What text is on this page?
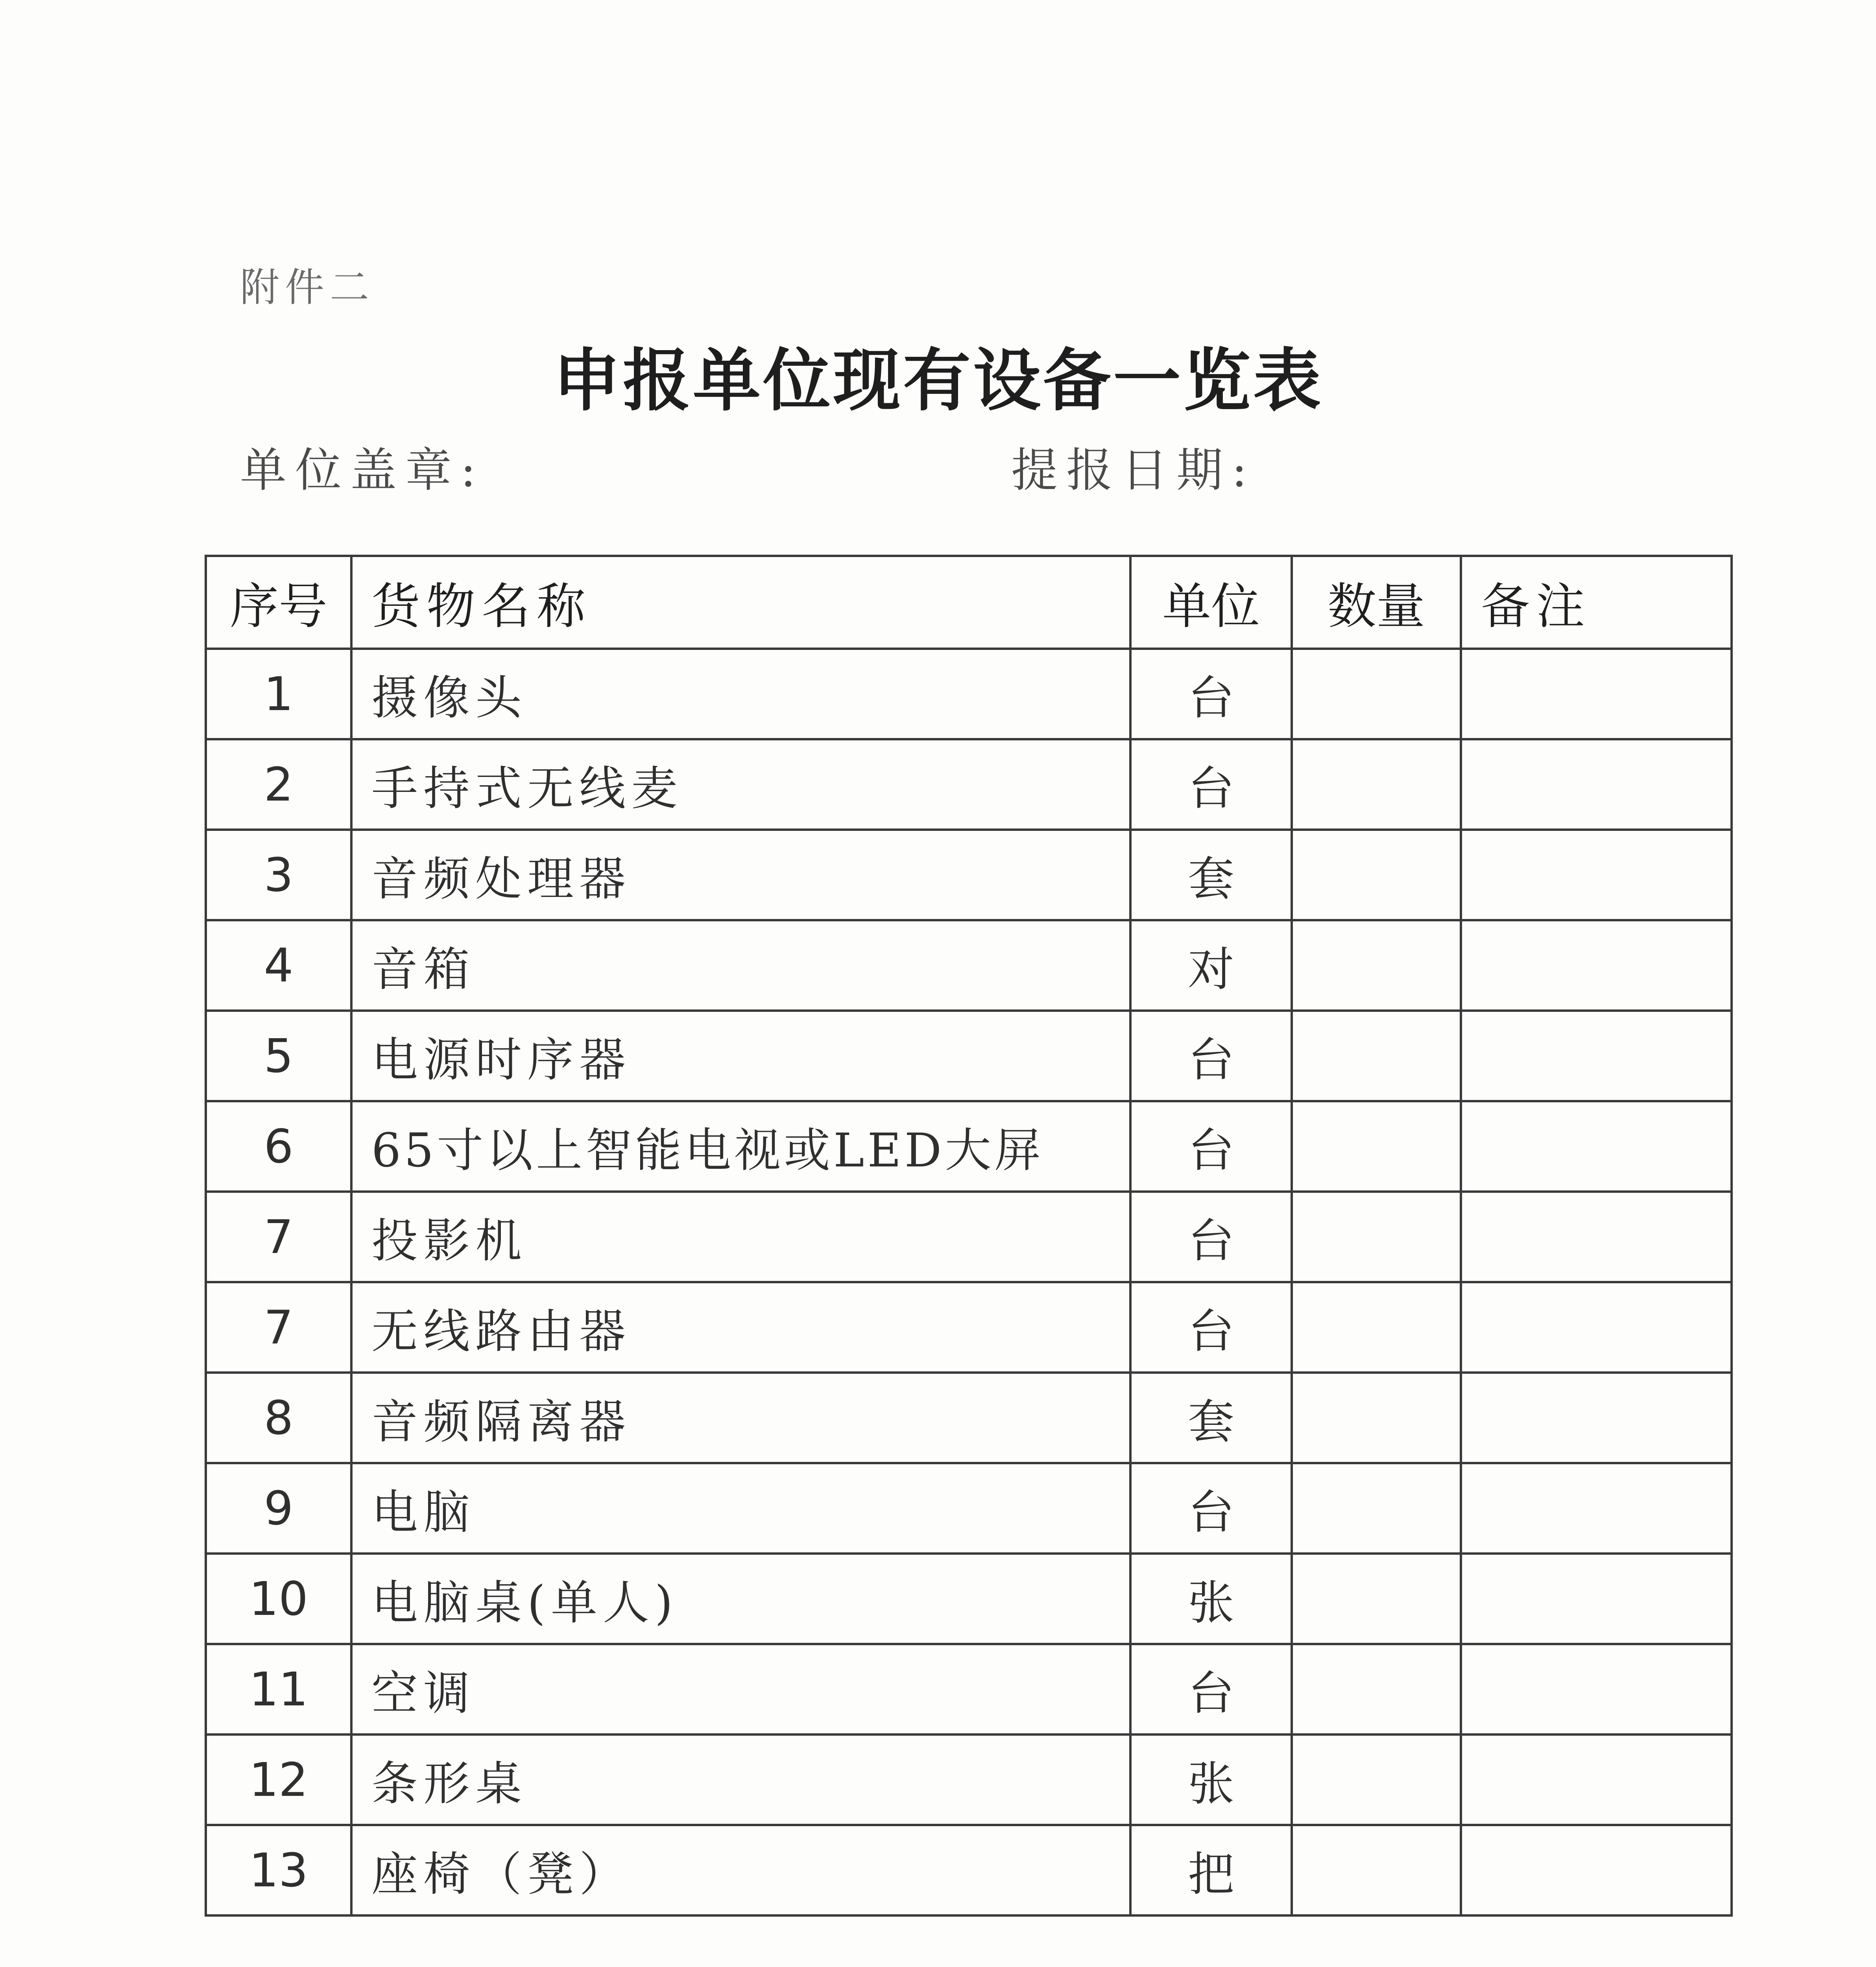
附件二
申报单位现有设备一览表
单位盖章:	提报日期:
序号	货物名称	单位	数量	备注
1	摄像头	台		
2	手持式无线麦	台		
3	音频处理器	套		
4	音箱	对		
5	电源时序器	台		
6	65寸以上智能电视或LED大屏	台		
7	投影机	台		
7	无线路由器	台		
8	音频隔离器	套		
9	电脑	台		
10	电脑桌(单人)	张		
11	空调	台		
12	条形桌	张		
13	座椅（凳）	把		
